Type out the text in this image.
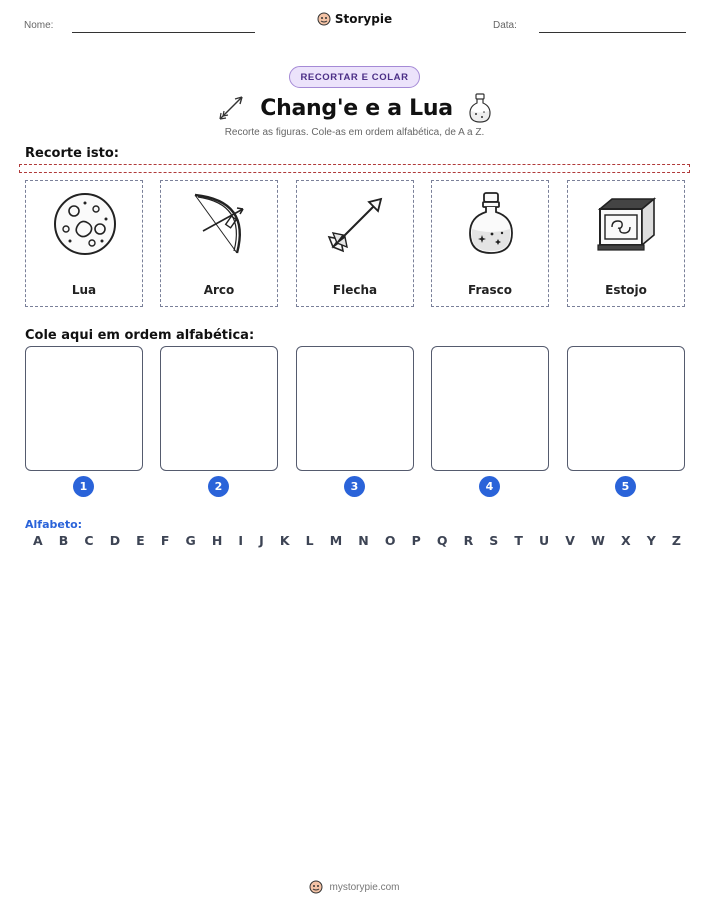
Nome:	Storypie	Data:
RECORTAR E COLAR
Chang'e e a Lua
Recorte as figuras. Cole-as em ordem alfabética, de A a Z.
Recorte isto:
Lua	Arco	Flecha	Frasco	Estojo
Cole aqui em ordem alfabética:
1	2	3	4	5
Alfabeto:
A B C D E F G H I J K L M N O P Q R S T U V W X Y Z
mystorypie.com
